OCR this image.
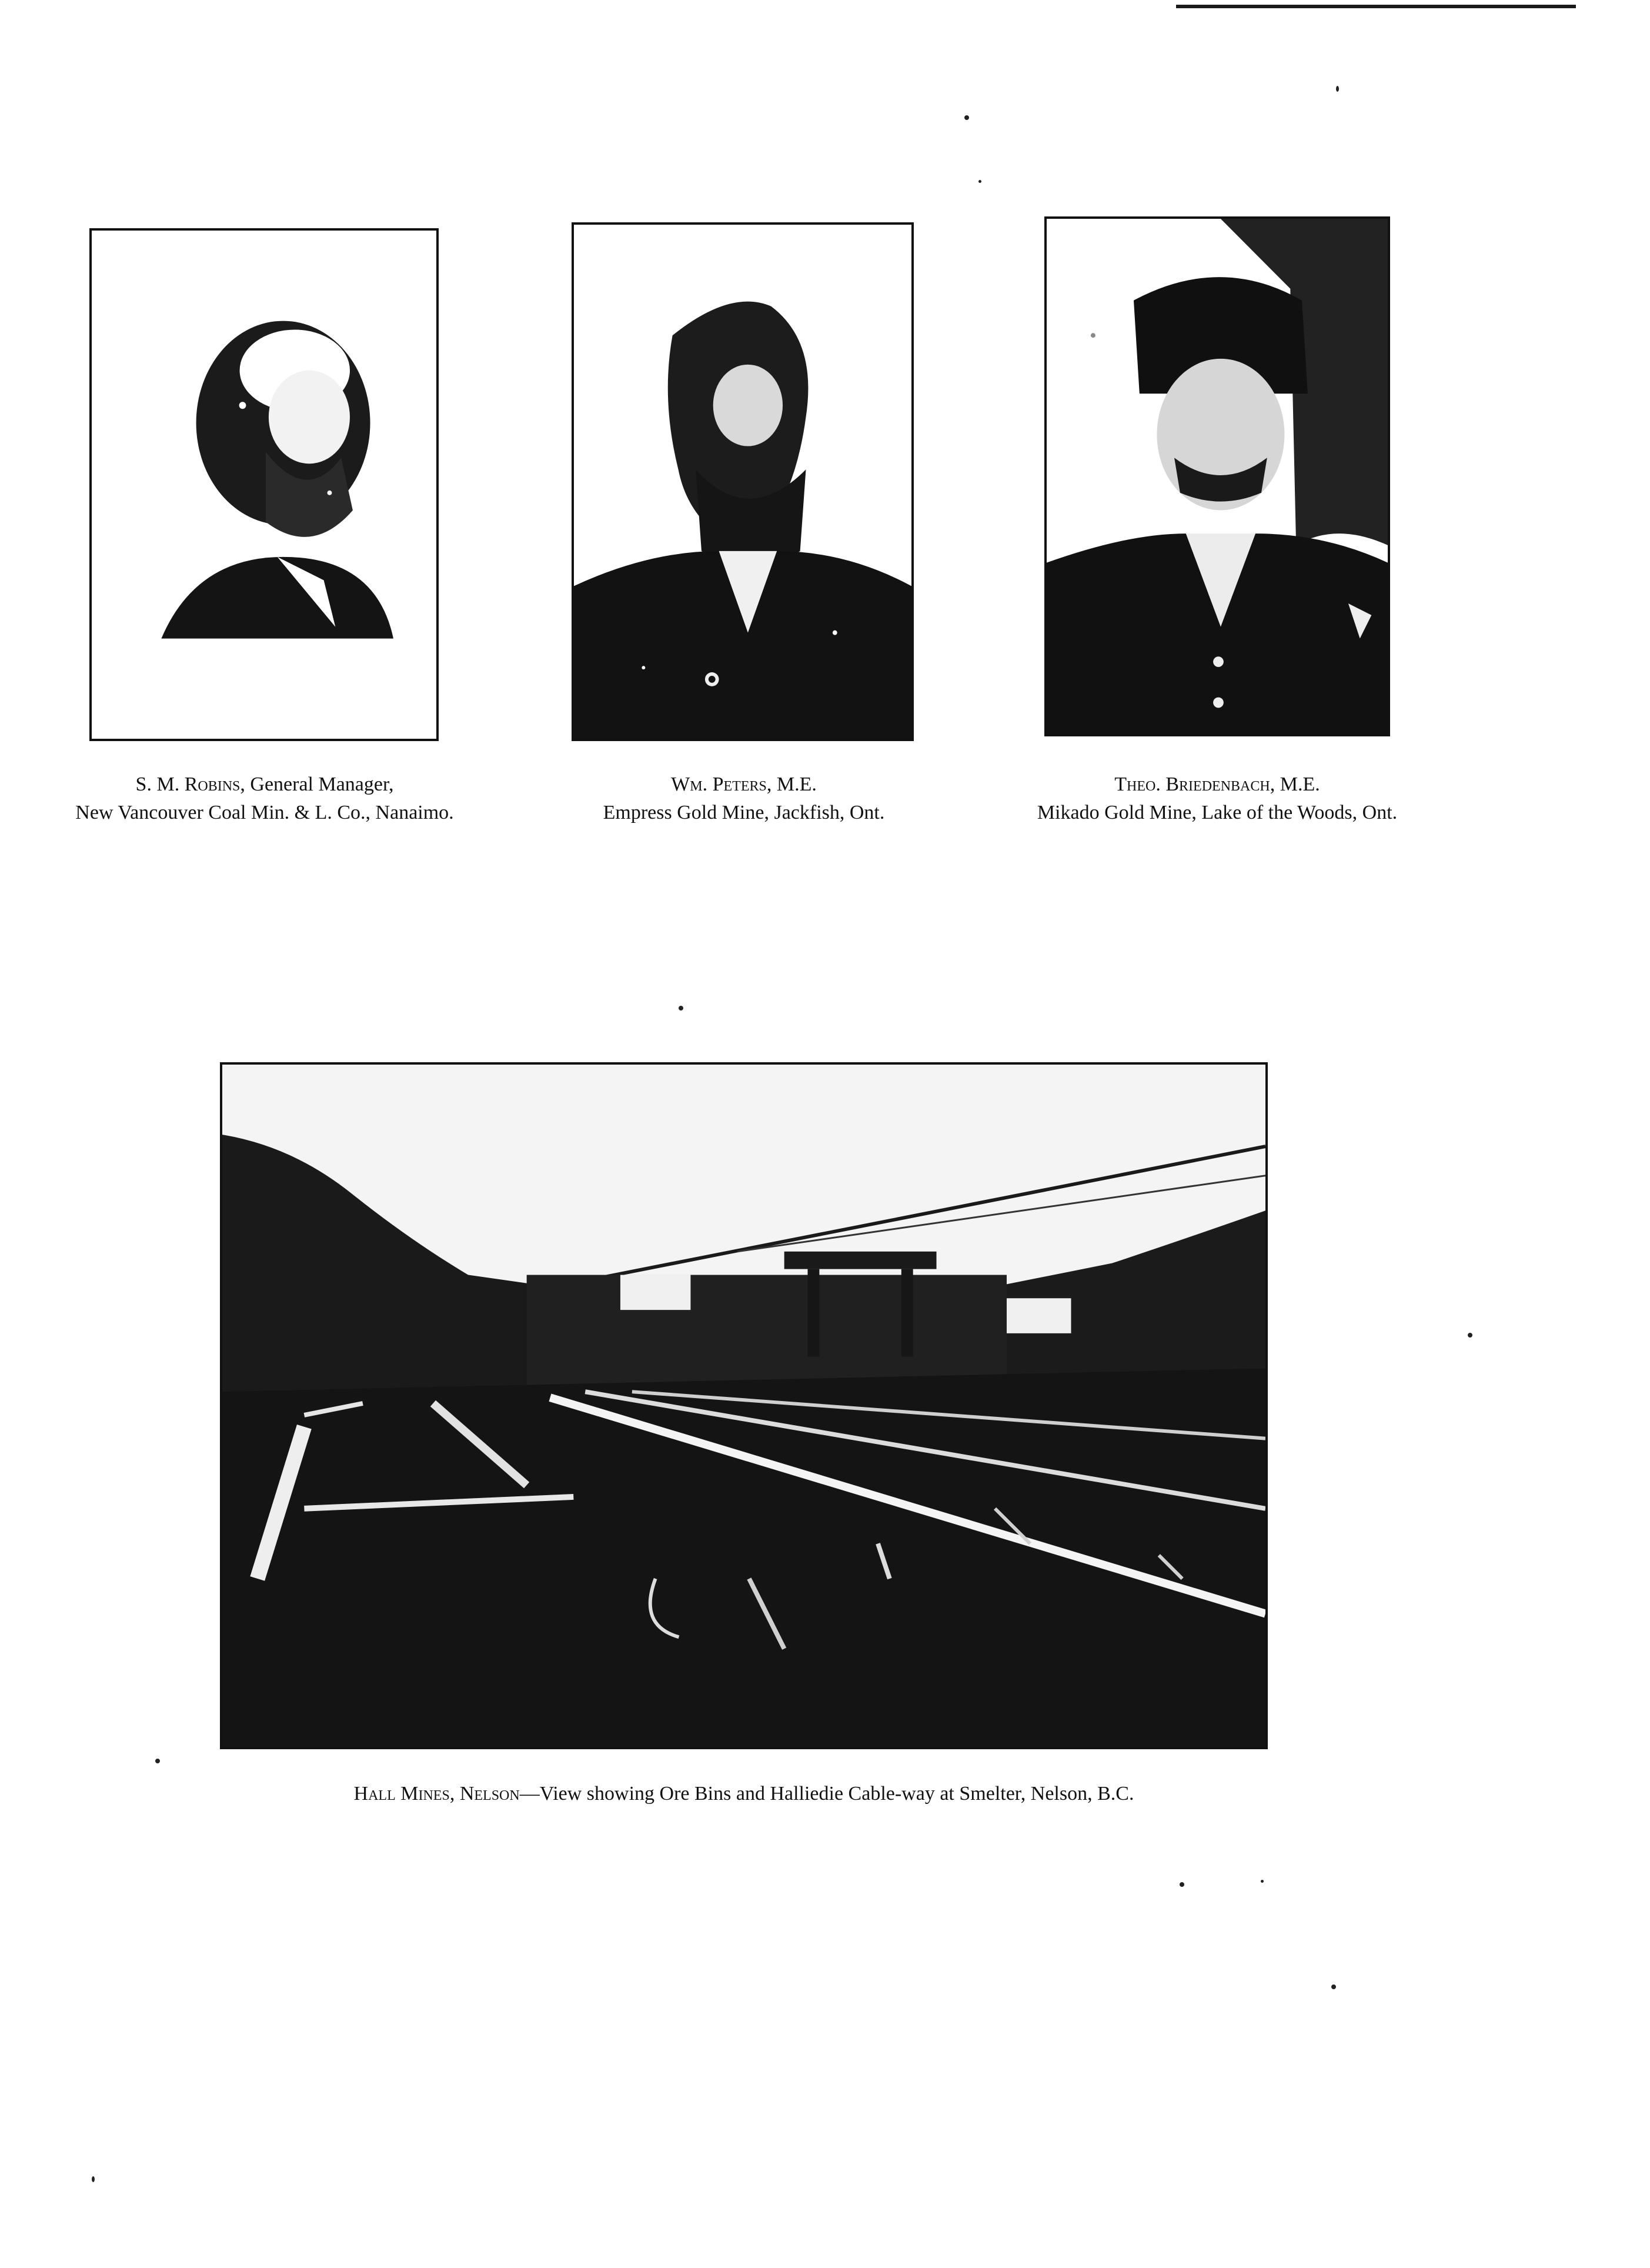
S. M. Robins, General Manager,
New Vancouver Coal Min. & L. Co., Nanaimo.
Wm. Peters, M.E.
Empress Gold Mine, Jackfish, Ont.
Theo. Briedenbach, M.E.
Mikado Gold Mine, Lake of the Woods, Ont.
Hall Mines, Nelson—View showing Ore Bins and Halliedie Cable-way at Smelter, Nelson, B.C.
